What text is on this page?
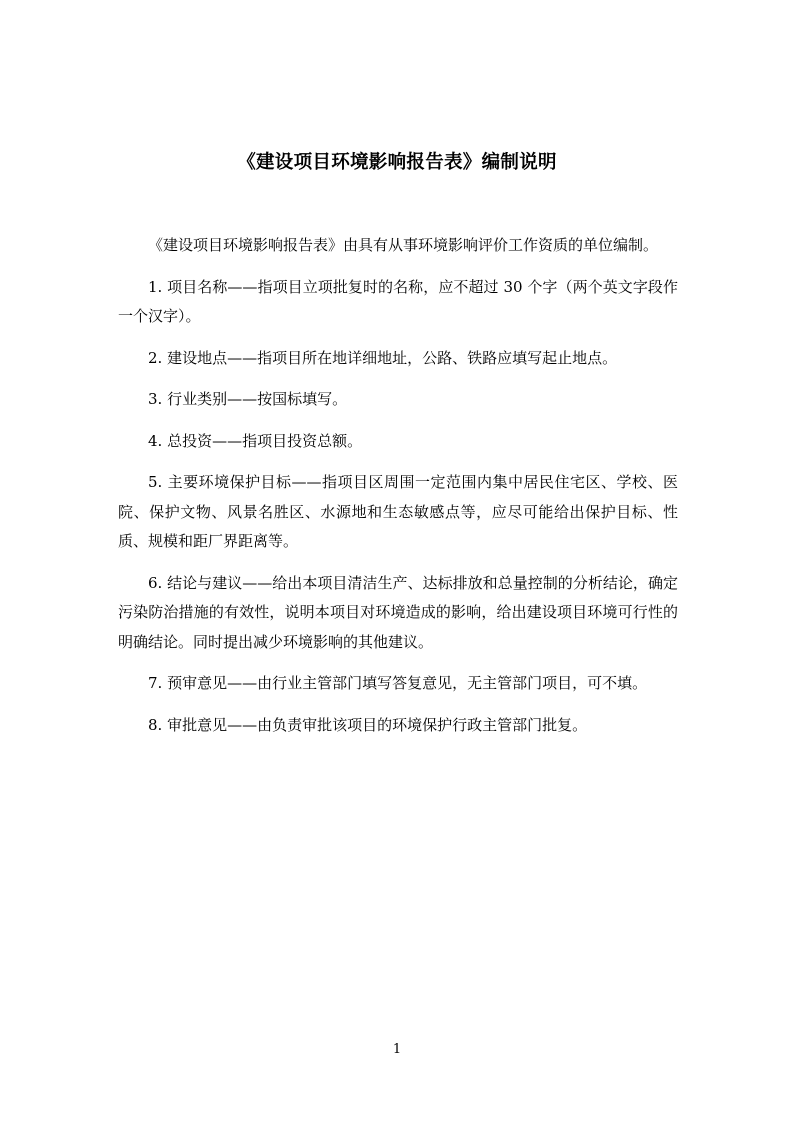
《建设项目环境影响报告表》编制说明

《建设项目环境影响报告表》由具有从事环境影响评价工作资质的单位编制。

1. 项目名称——指项目立项批复时的名称，应不超过 30 个字（两个英文字段作一个汉字）。

2. 建设地点——指项目所在地详细地址，公路、铁路应填写起止地点。

3. 行业类别——按国标填写。

4. 总投资——指项目投资总额。

5. 主要环境保护目标——指项目区周围一定范围内集中居民住宅区、学校、医院、保护文物、风景名胜区、水源地和生态敏感点等，应尽可能给出保护目标、性质、规模和距厂界距离等。

6. 结论与建议——给出本项目清洁生产、达标排放和总量控制的分析结论，确定污染防治措施的有效性，说明本项目对环境造成的影响，给出建设项目环境可行性的明确结论。同时提出减少环境影响的其他建议。

7. 预审意见——由行业主管部门填写答复意见，无主管部门项目，可不填。

8. 审批意见——由负责审批该项目的环境保护行政主管部门批复。

1
